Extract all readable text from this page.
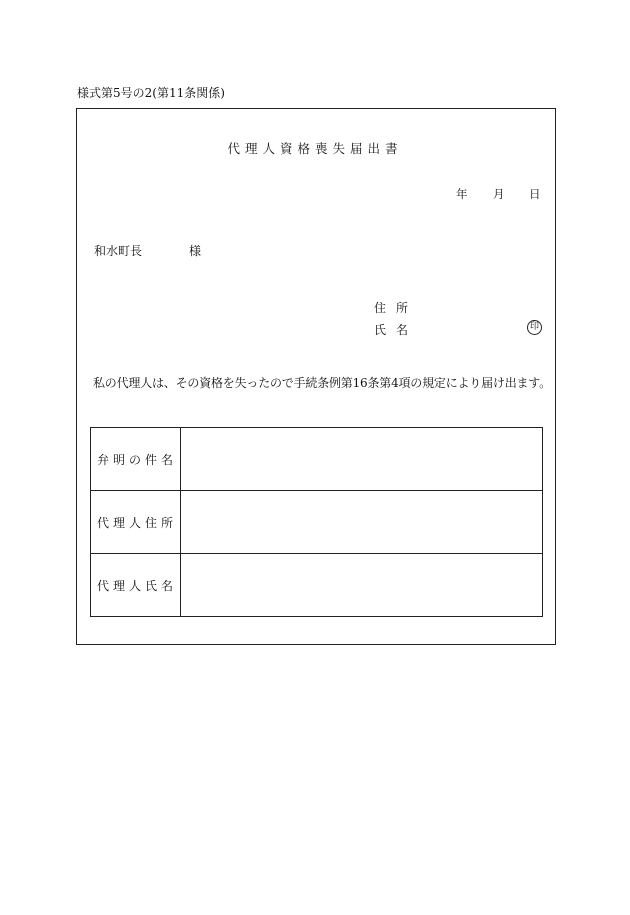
様式第5号の2(第11条関係)
代理人資格喪失届出書
年 月 日
和水町長	様
住所
氏名	印
私の代理人は、その資格を失ったので手続条例第16条第4項の規定により届け出ます。
弁明の件名	
代理人住所	
代理人氏名	
